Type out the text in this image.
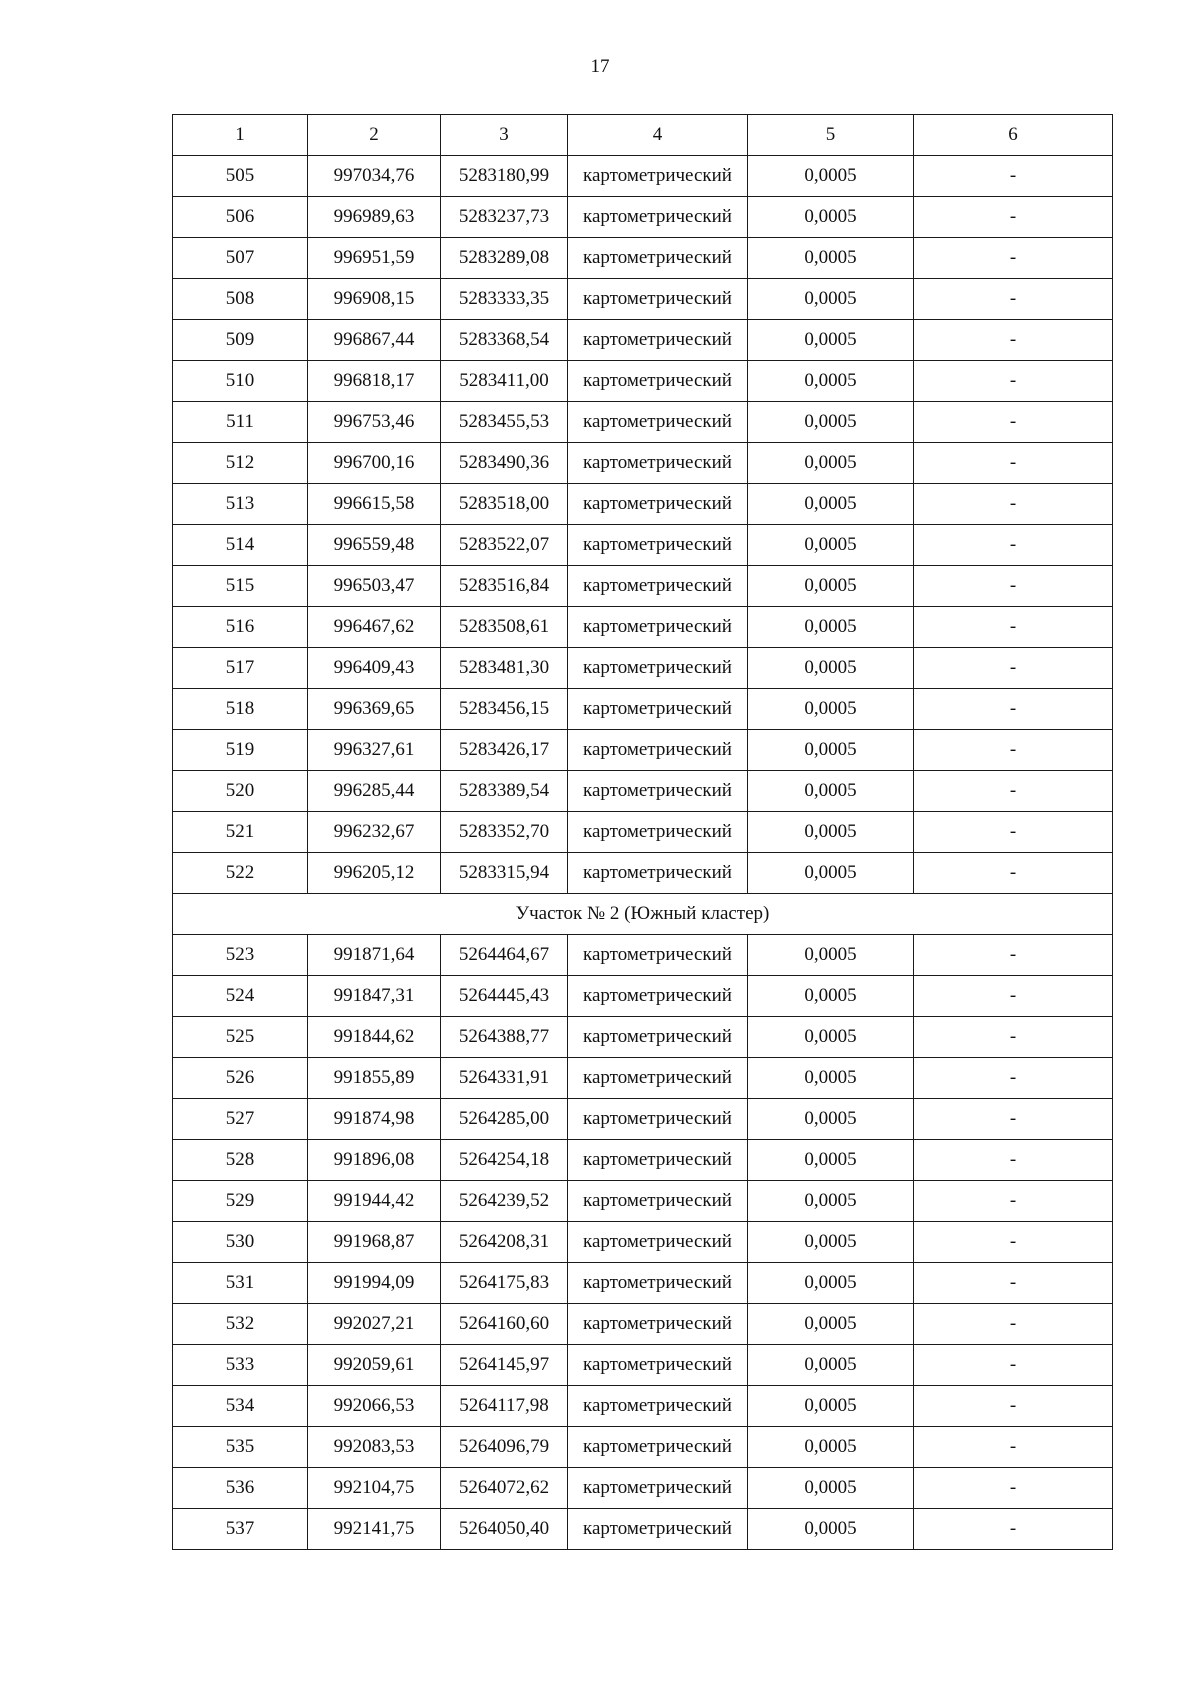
17
1	2	3	4	5	6
505	997034,76	5283180,99	картометрический	0,0005	-
506	996989,63	5283237,73	картометрический	0,0005	-
507	996951,59	5283289,08	картометрический	0,0005	-
508	996908,15	5283333,35	картометрический	0,0005	-
509	996867,44	5283368,54	картометрический	0,0005	-
510	996818,17	5283411,00	картометрический	0,0005	-
511	996753,46	5283455,53	картометрический	0,0005	-
512	996700,16	5283490,36	картометрический	0,0005	-
513	996615,58	5283518,00	картометрический	0,0005	-
514	996559,48	5283522,07	картометрический	0,0005	-
515	996503,47	5283516,84	картометрический	0,0005	-
516	996467,62	5283508,61	картометрический	0,0005	-
517	996409,43	5283481,30	картометрический	0,0005	-
518	996369,65	5283456,15	картометрический	0,0005	-
519	996327,61	5283426,17	картометрический	0,0005	-
520	996285,44	5283389,54	картометрический	0,0005	-
521	996232,67	5283352,70	картометрический	0,0005	-
522	996205,12	5283315,94	картометрический	0,0005	-
Участок № 2 (Южный кластер)					
523	991871,64	5264464,67	картометрический	0,0005	-
524	991847,31	5264445,43	картометрический	0,0005	-
525	991844,62	5264388,77	картометрический	0,0005	-
526	991855,89	5264331,91	картометрический	0,0005	-
527	991874,98	5264285,00	картометрический	0,0005	-
528	991896,08	5264254,18	картометрический	0,0005	-
529	991944,42	5264239,52	картометрический	0,0005	-
530	991968,87	5264208,31	картометрический	0,0005	-
531	991994,09	5264175,83	картометрический	0,0005	-
532	992027,21	5264160,60	картометрический	0,0005	-
533	992059,61	5264145,97	картометрический	0,0005	-
534	992066,53	5264117,98	картометрический	0,0005	-
535	992083,53	5264096,79	картометрический	0,0005	-
536	992104,75	5264072,62	картометрический	0,0005	-
537	992141,75	5264050,40	картометрический	0,0005	-
